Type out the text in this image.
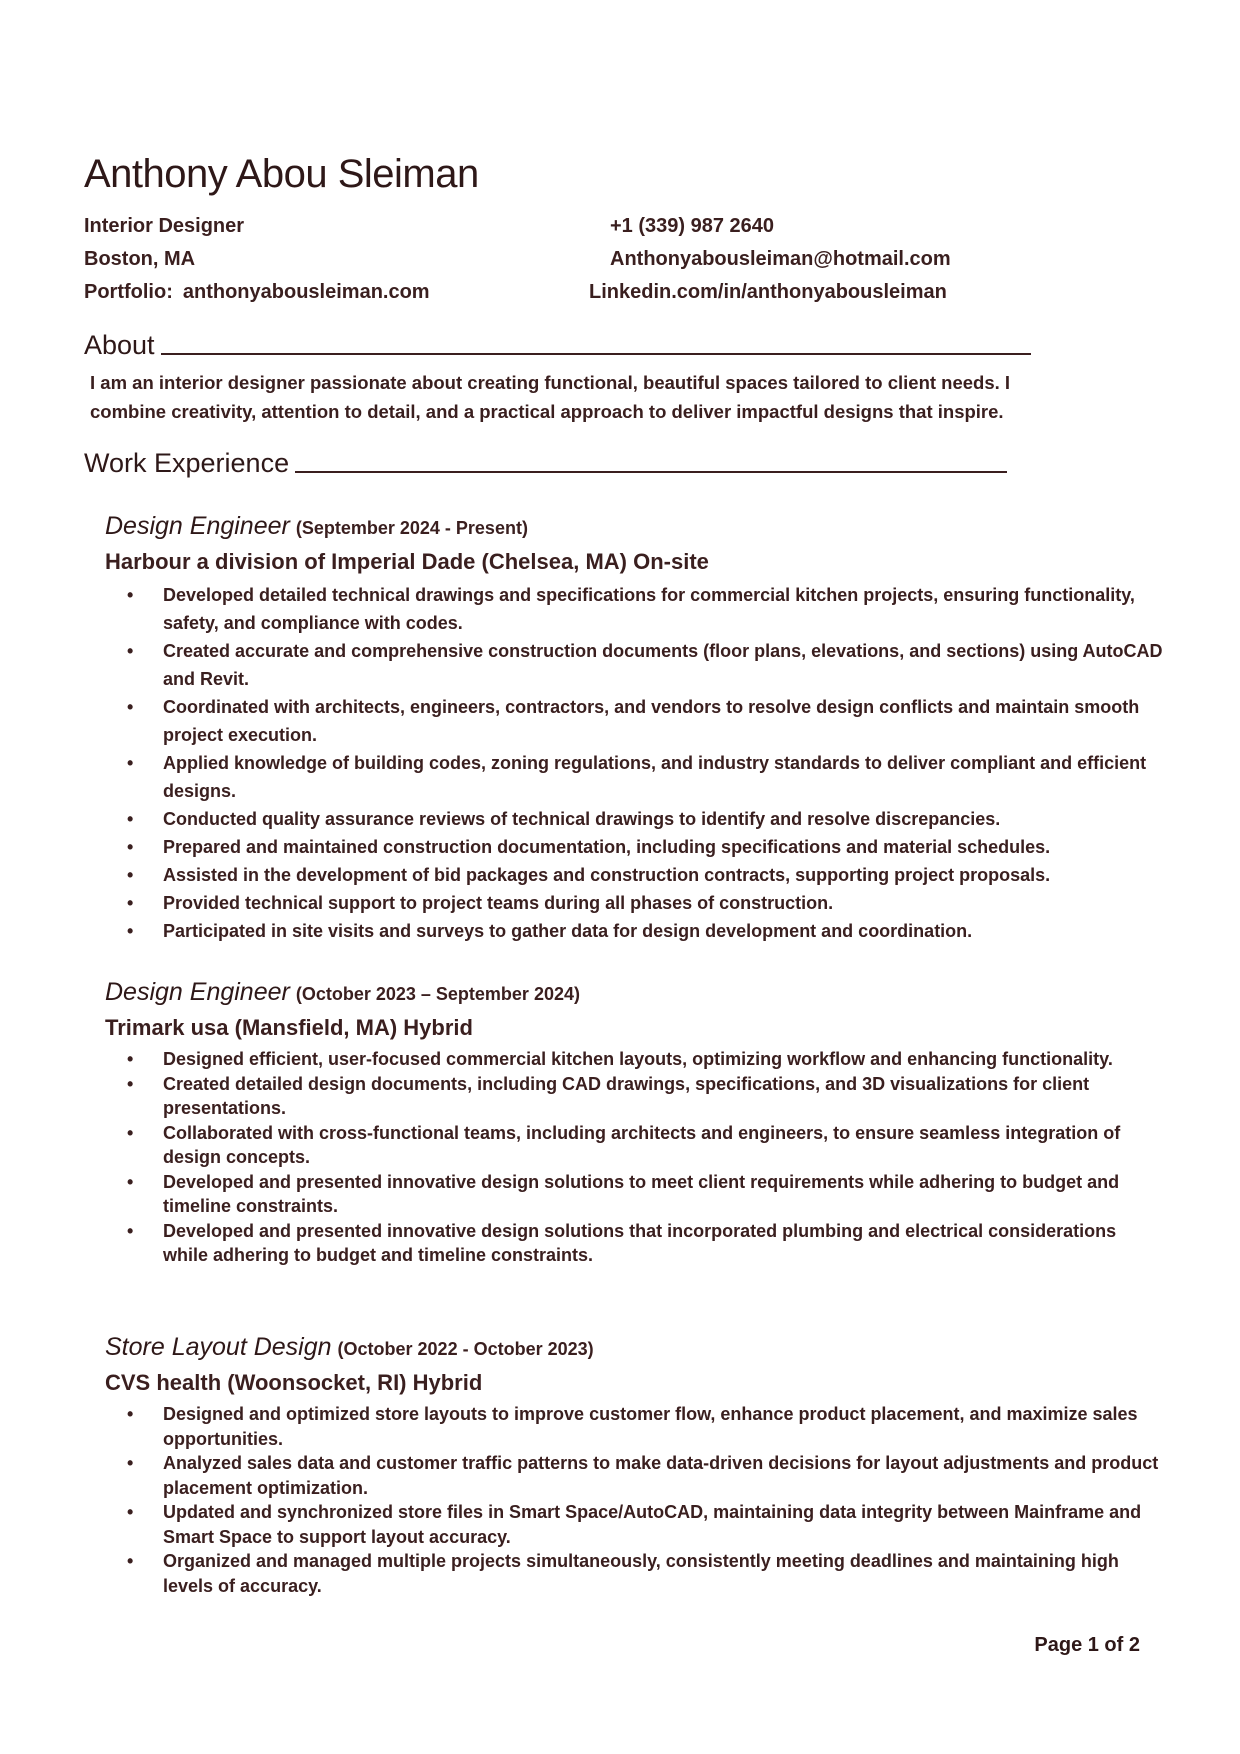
Anthony Abou Sleiman

Interior Designer

Boston, MA

Portfolio: anthonyabousleiman.com

+1 (339) 987 2640

Anthonyabousleiman@hotmail.com

Linkedin.com/in/anthonyabousleiman

About

I am an interior designer passionate about creating functional, beautiful spaces tailored to client needs. I combine creativity, attention to detail, and a practical approach to deliver impactful designs that inspire.

Work Experience
Design Engineer (September 2024 - Present)
Harbour a division of Imperial Dade (Chelsea, MA) On-site
• Developed detailed technical drawings and specifications for commercial kitchen projects, ensuring functionality, safety, and compliance with codes.
• Created accurate and comprehensive construction documents (floor plans, elevations, and sections) using AutoCAD and Revit.
• Coordinated with architects, engineers, contractors, and vendors to resolve design conflicts and maintain smooth project execution.
• Applied knowledge of building codes, zoning regulations, and industry standards to deliver compliant and efficient designs.
• Conducted quality assurance reviews of technical drawings to identify and resolve discrepancies.
• Prepared and maintained construction documentation, including specifications and material schedules.
• Assisted in the development of bid packages and construction contracts, supporting project proposals.
• Provided technical support to project teams during all phases of construction.
• Participated in site visits and surveys to gather data for design development and coordination.
Design Engineer (October 2023 – September 2024)
Trimark usa (Mansfield, MA) Hybrid
• Designed efficient, user-focused commercial kitchen layouts, optimizing workflow and enhancing functionality.
• Created detailed design documents, including CAD drawings, specifications, and 3D visualizations for client presentations.
• Collaborated with cross-functional teams, including architects and engineers, to ensure seamless integration of design concepts.
• Developed and presented innovative design solutions to meet client requirements while adhering to budget and timeline constraints.
• Developed and presented innovative design solutions that incorporated plumbing and electrical considerations while adhering to budget and timeline constraints.
Store Layout Design (October 2022 - October 2023)
CVS health (Woonsocket, RI) Hybrid
• Designed and optimized store layouts to improve customer flow, enhance product placement, and maximize sales opportunities.
• Analyzed sales data and customer traffic patterns to make data-driven decisions for layout adjustments and product placement optimization.
• Updated and synchronized store files in Smart Space/AutoCAD, maintaining data integrity between Mainframe and Smart Space to support layout accuracy.
• Organized and managed multiple projects simultaneously, consistently meeting deadlines and maintaining high levels of accuracy.
Page 1 of 2
